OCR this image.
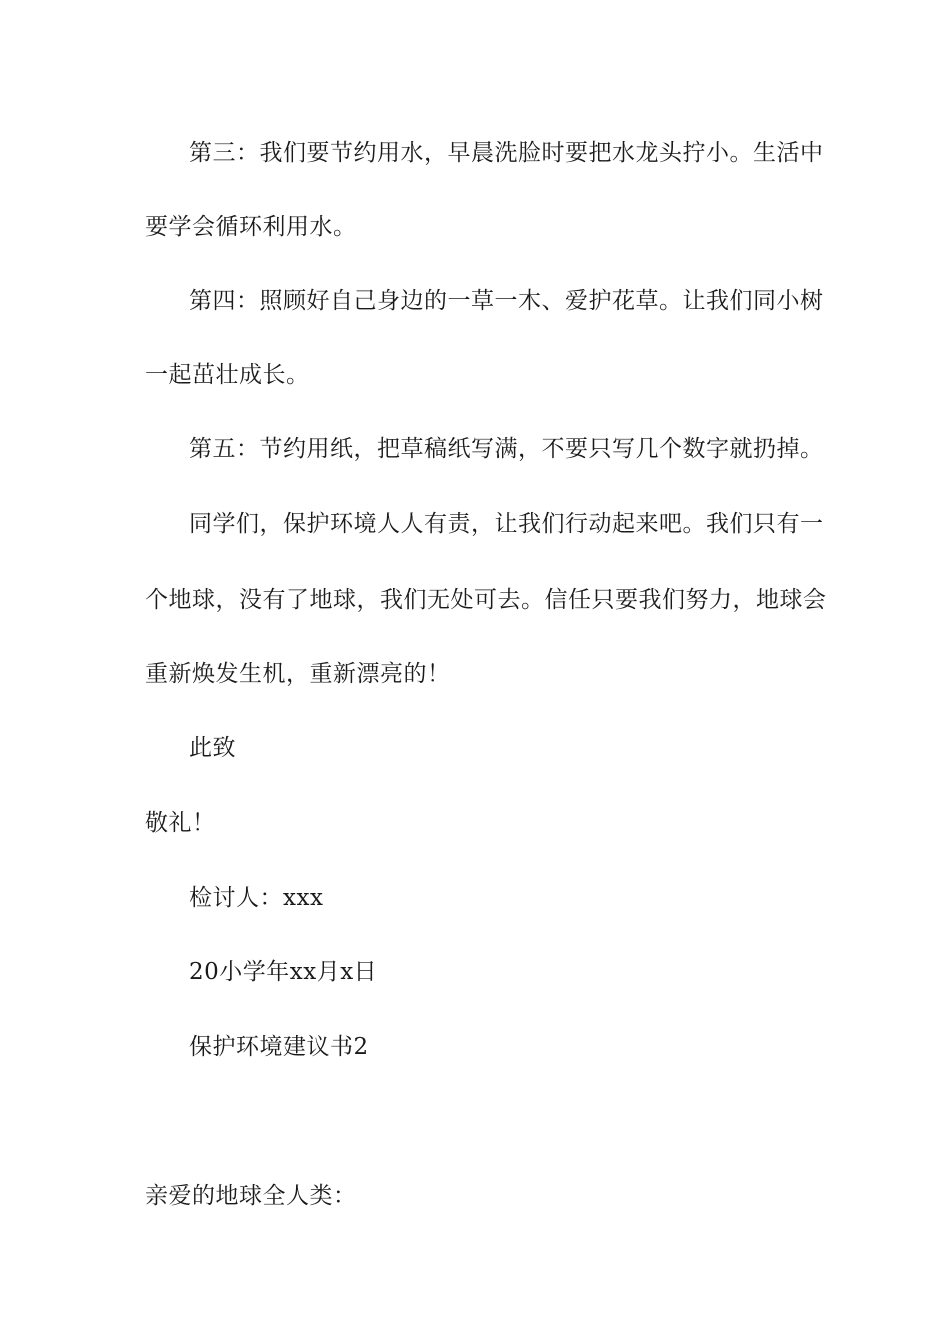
第三：我们要节约用水，早晨洗脸时要把水龙头拧小。生活中
要学会循环利用水。
第四：照顾好自己身边的一草一木、爱护花草。让我们同小树
一起茁壮成长。
第五：节约用纸，把草稿纸写满，不要只写几个数字就扔掉。
同学们，保护环境人人有责，让我们行动起来吧。我们只有一
个地球，没有了地球，我们无处可去。信任只要我们努力，地球会
重新焕发生机，重新漂亮的！
此致
敬礼！
检讨人：xxx
20小学年xx月x日
保护环境建议书2
亲爱的地球全人类：
